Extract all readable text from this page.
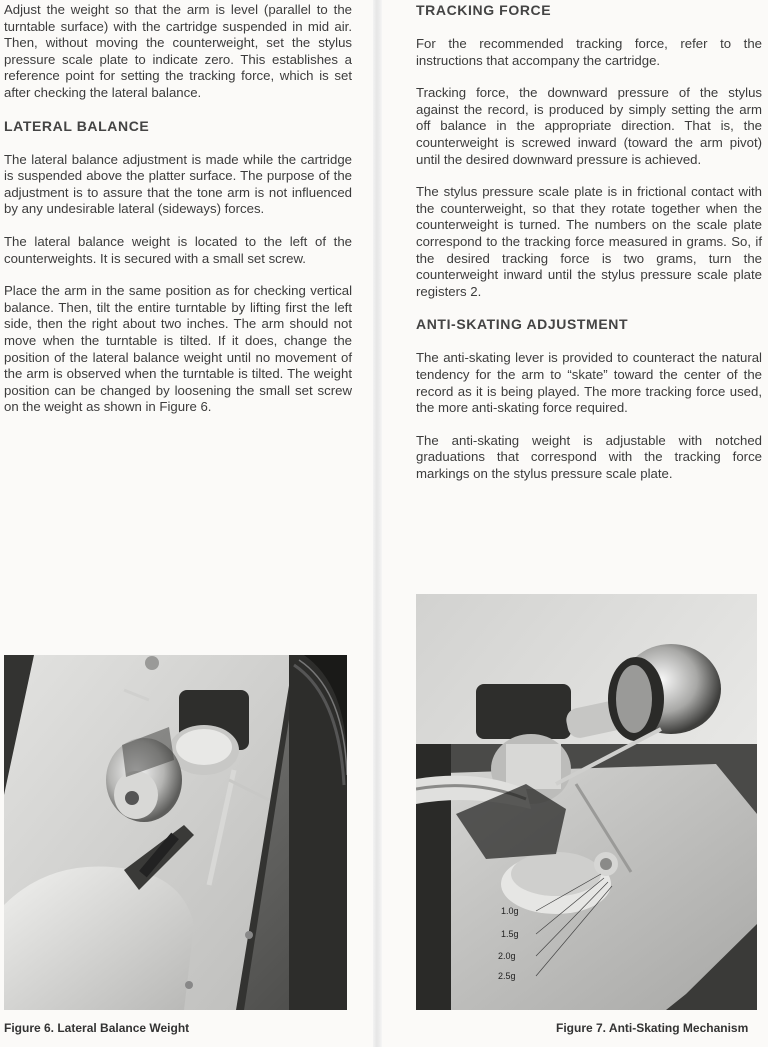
Adjust the weight so that the arm is level (parallel to the turntable surface) with the cartridge suspended in mid air. Then, without moving the counterweight, set the stylus pressure scale plate to indicate zero. This establishes a reference point for setting the tracking force, which is set after checking the lateral balance.

LATERAL BALANCE

The lateral balance adjustment is made while the cartridge is suspended above the platter surface. The purpose of the adjustment is to assure that the tone arm is not influenced by any undesirable lateral (sideways) forces.

The lateral balance weight is located to the left of the counterweights. It is secured with a small set screw.

Place the arm in the same position as for checking vertical balance. Then, tilt the entire turntable by lifting first the left side, then the right about two inches. The arm should not move when the turntable is tilted. If it does, change the position of the lateral balance weight until no movement of the arm is observed when the turntable is tilted. The weight position can be changed by loosening the small set screw on the weight as shown in Figure 6.

TRACKING FORCE

For the recommended tracking force, refer to the instructions that accompany the cartridge.

Tracking force, the downward pressure of the stylus against the record, is produced by simply setting the arm off balance in the appropriate direction. That is, the counterweight is screwed inward (toward the arm pivot) until the desired downward pressure is achieved.

The stylus pressure scale plate is in frictional contact with the counterweight, so that they rotate together when the counterweight is turned. The numbers on the scale plate correspond to the tracking force measured in grams. So, if the desired tracking force is two grams, turn the counterweight inward until the stylus pressure scale plate registers 2.

ANTI-SKATING ADJUSTMENT

The anti-skating lever is provided to counteract the natural tendency for the arm to “skate” toward the center of the record as it is being played. The more tracking force used, the more anti-skating force required.

The anti-skating weight is adjustable with notched graduations that correspond with the tracking force markings on the stylus pressure scale plate.

Figure 6. Lateral Balance Weight
1.0g
1.5g
2.0g
2.5g
Figure 7. Anti-Skating Mechanism
